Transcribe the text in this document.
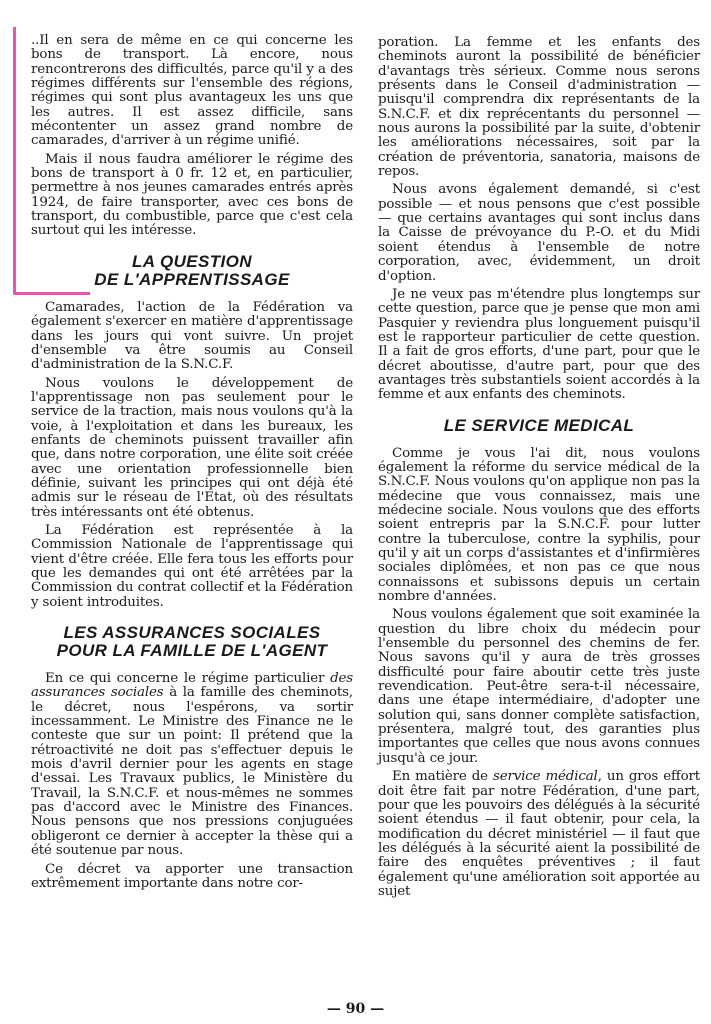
..Il en sera de même en ce qui concerne les bons de transport. Là encore, nous rencontrerons des difficultés, parce qu'il y a des régimes différents sur l'ensemble des régions, régimes qui sont plus avantageux les uns que les autres. Il est assez difficile, sans mécontenter un assez grand nombre de camarades, d'arriver à un régime unifié.

Mais il nous faudra améliorer le régime des bons de transport à 0 fr. 12 et, en particulier, permettre à nos jeunes camarades entrés après 1924, de faire transporter, avec ces bons de transport, du combustible, parce que c'est cela surtout qui les intéresse.

LA QUESTION
DE L'APPRENTISSAGE

Camarades, l'action de la Fédération va également s'exercer en matière d'apprentissage dans les jours qui vont suivre. Un projet d'ensemble va être soumis au Conseil d'administration de la S.N.C.F.

Nous voulons le développement de l'apprentissage non pas seulement pour le service de la traction, mais nous voulons qu'à la voie, à l'exploitation et dans les bureaux, les enfants de cheminots puissent travailler afin que, dans notre corporation, une élite soit créée avec une orientation professionnelle bien définie, suivant les principes qui ont déjà été admis sur le réseau de l'Etat, où des résultats très intéressants ont été obtenus.

La Fédération est représentée à la Commission Nationale de l'apprentissage qui vient d'être créée. Elle fera tous les efforts pour que les demandes qui ont été arrêtées par la Commission du contrat collectif et la Fédération y soient introduites.

LES ASSURANCES SOCIALES
POUR LA FAMILLE DE L'AGENT

En ce qui concerne le régime particulier des assurances sociales à la famille des cheminots, le décret, nous l'espérons, va sortir incessamment. Le Ministre des Finance ne le conteste que sur un point: Il prétend que la rétroactivité ne doit pas s'effectuer depuis le mois d'avril dernier pour les agents en stage d'essai. Les Travaux publics, le Ministère du Travail, la S.N.C.F. et nous-mêmes ne sommes pas d'accord avec le Ministre des Finances. Nous pensons que nos pressions conjuguées obligeront ce dernier à accepter la thèse qui a été soutenue par nous.

Ce décret va apporter une transaction extrêmement importante dans notre cor-

poration. La femme et les enfants des cheminots auront la possibilité de bénéficier d'avantags très sérieux. Comme nous serons présents dans le Conseil d'administration — puisqu'il comprendra dix représentants de la S.N.C.F. et dix reprécentants du personnel — nous aurons la possibilité par la suite, d'obtenir les améliorations nécessaires, soit par la création de préventoria, sanatoria, maisons de repos.

Nous avons également demandé, si c'est possible — et nous pensons que c'est possible — que certains avantages qui sont inclus dans la Caisse de prévoyance du P.-O. et du Midi soient étendus à l'ensemble de notre corporation, avec, évidemment, un droit d'option.

Je ne veux pas m'étendre plus longtemps sur cette question, parce que je pense que mon ami Pasquier y reviendra plus longuement puisqu'il est le rapporteur particulier de cette question. Il a fait de gros efforts, d'une part, pour que le décret aboutisse, d'autre part, pour que des avantages très substantiels soient accordés à la femme et aux enfants des cheminots.

LE SERVICE MEDICAL

Comme je vous l'ai dit, nous voulons également la réforme du service médical de la S.N.C.F. Nous voulons qu'on applique non pas la médecine que vous connaissez, mais une médecine sociale. Nous voulons que des efforts soient entrepris par la S.N.C.F. pour lutter contre la tuberculose, contre la syphilis, pour qu'il y ait un corps d'assistantes et d'infirmières sociales diplômées, et non pas ce que nous connaissons et subissons depuis un certain nombre d'années.

Nous voulons également que soit examinée la question du libre choix du médecin pour l'ensemble du personnel des chemins de fer. Nous savons qu'il y aura de très grosses disfficulté pour faire aboutir cette très juste revendication. Peut-être sera-t-il nécessaire, dans une étape intermédiaire, d'adopter une solution qui, sans donner complète satisfaction, présentera, malgré tout, des garanties plus importantes que celles que nous avons connues jusqu'à ce jour.

En matière de service médical, un gros effort doit être fait par notre Fédération, d'une part, pour que les pouvoirs des délégués à la sécurité soient étendus — il faut obtenir, pour cela, la modification du décret ministériel — il faut que les délégués à la sécurité aient la possibilité de faire des enquêtes préventives ; il faut également qu'une amélioration soit apportée au sujet

— 90 —
